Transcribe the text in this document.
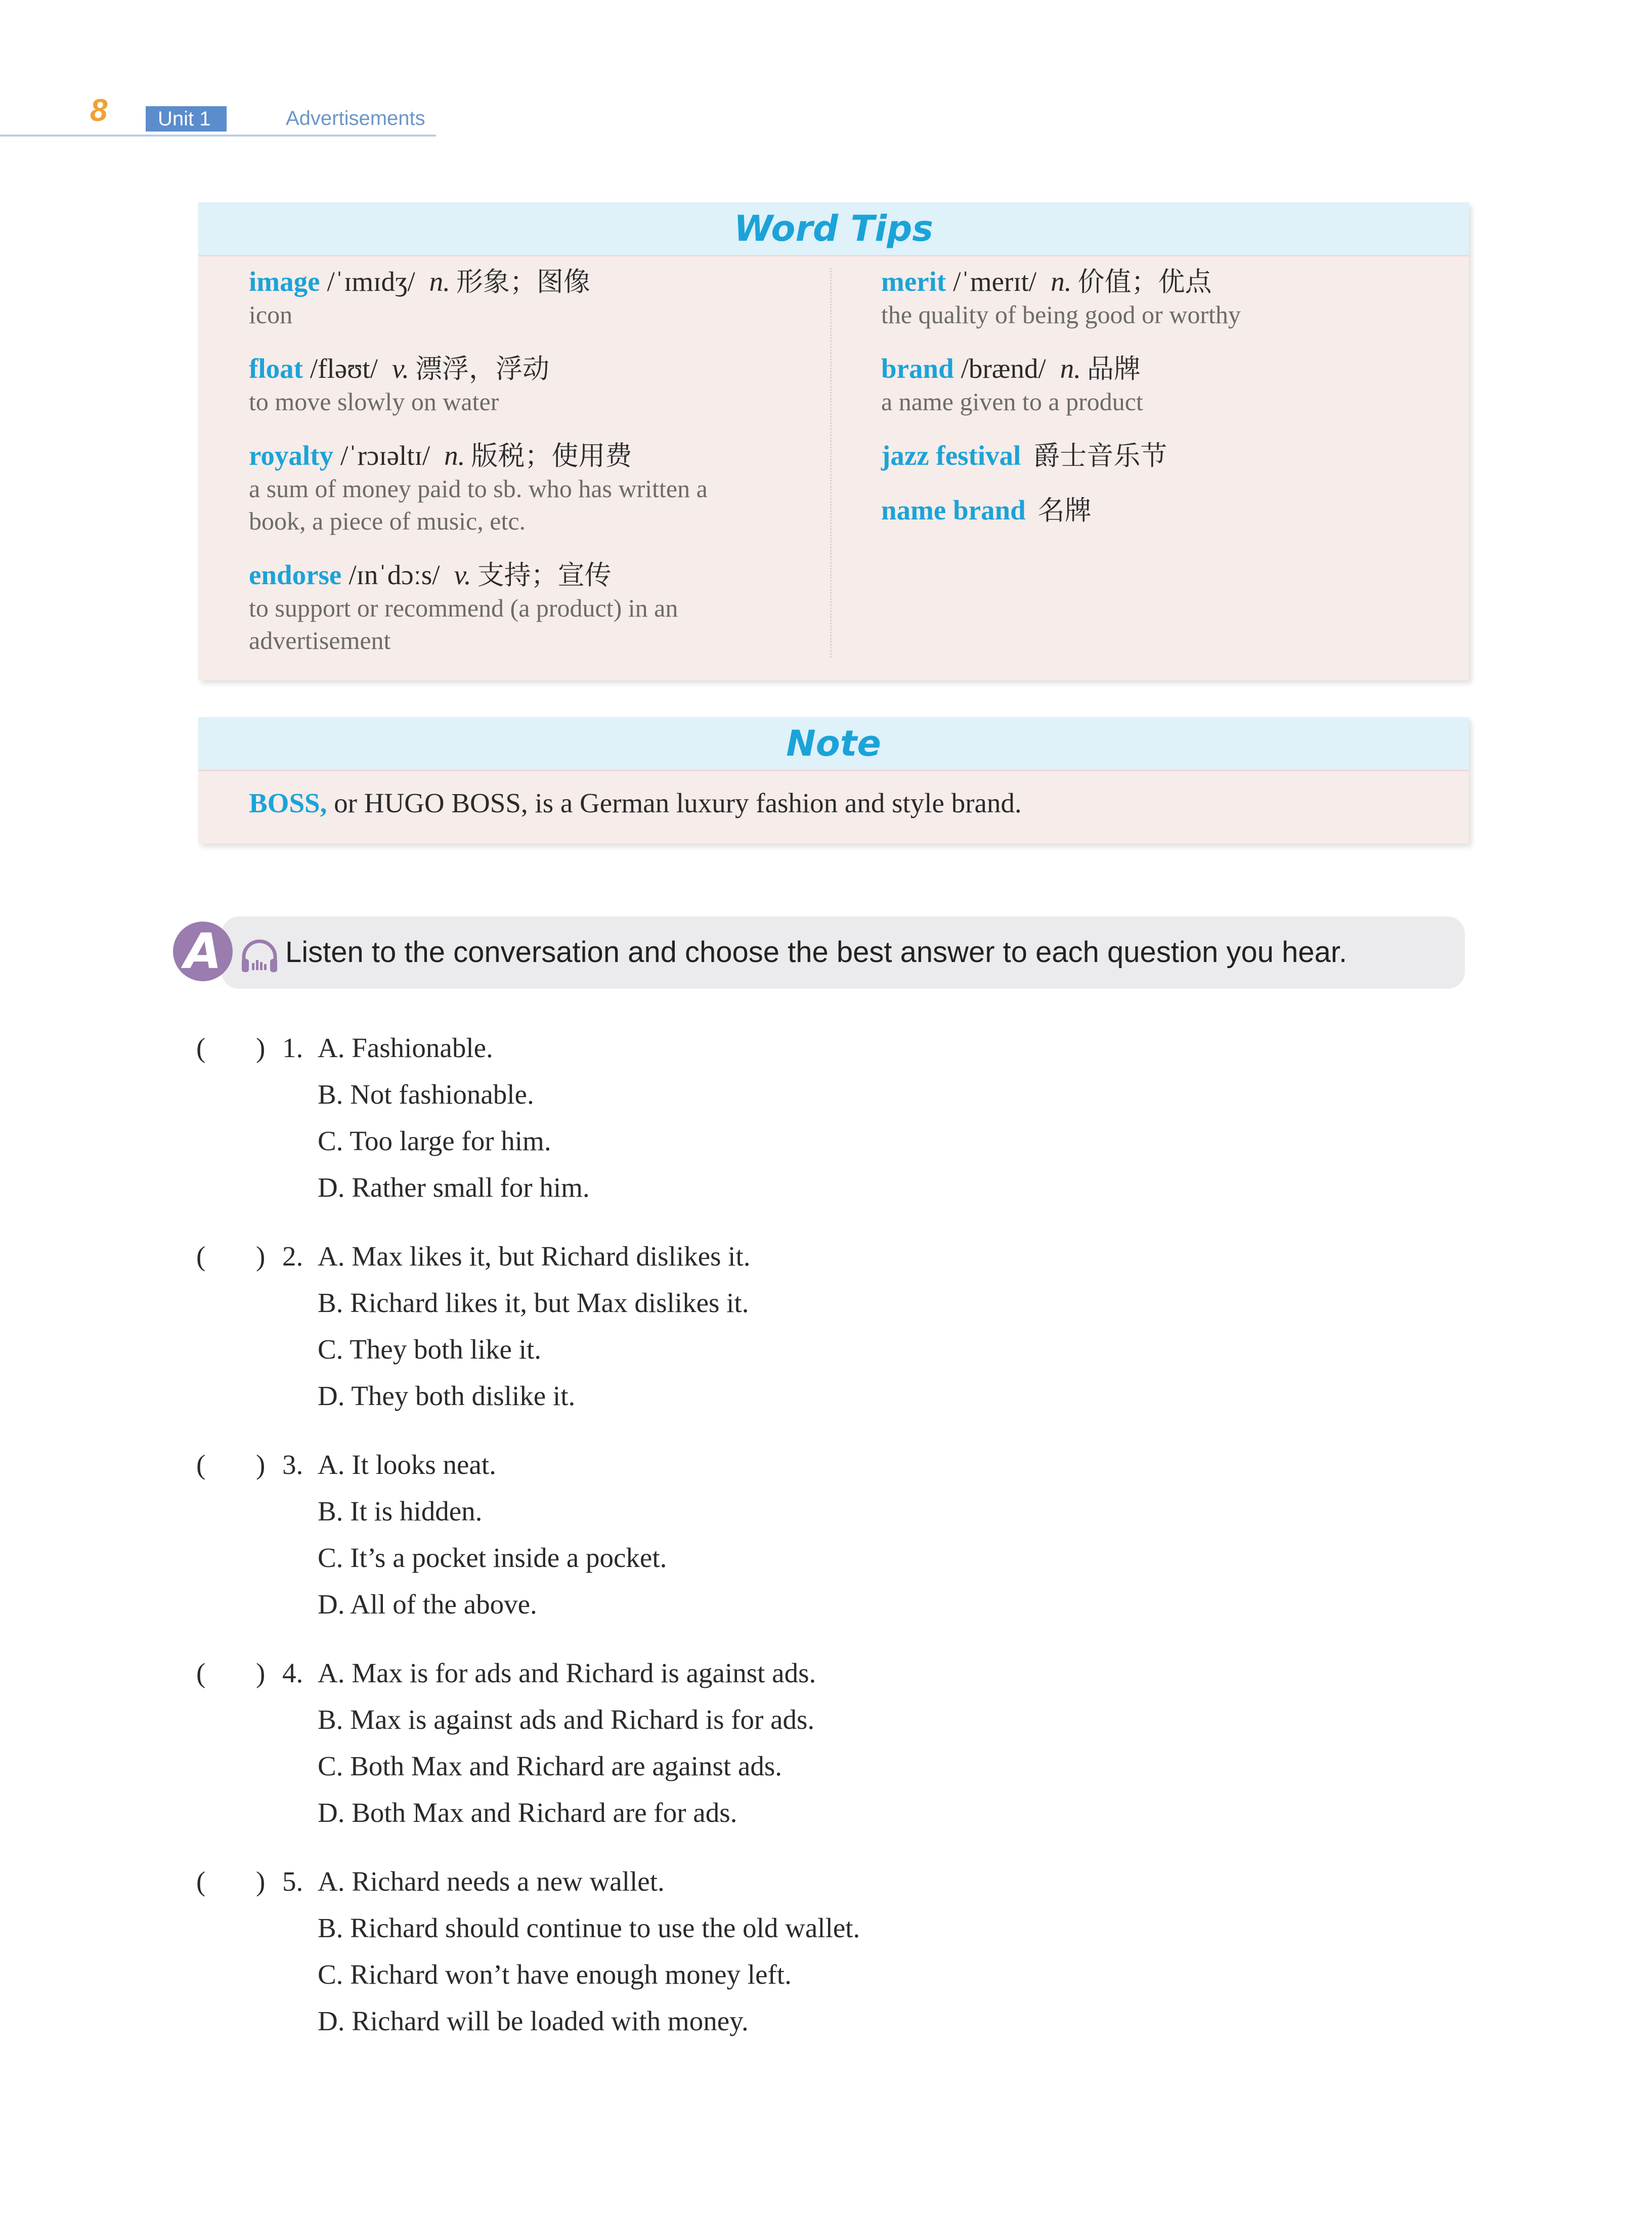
8	Unit 1	Advertisements
Word Tips
image /ˈɪmɪdʒ/ n. 形象；图像
icon
float /fləʊt/ v. 漂浮，浮动
to move slowly on water
royalty /ˈrɔɪəltɪ/ n. 版税；使用费
a sum of money paid to sb. who has written a
book, a piece of music, etc.
endorse /ɪnˈdɔːs/ v. 支持；宣传
to support or recommend (a product) in an
advertisement
merit /ˈmerɪt/ n. 价值；优点
the quality of being good or worthy
brand /brænd/ n. 品牌
a name given to a product
jazz festival 爵士音乐节
name brand 名牌
Note
BOSS, or HUGO BOSS, is a German luxury fashion and style brand.
A	Listen to the conversation and choose the best answer to each question you hear.
( ) 1. A. Fashionable.
B. Not fashionable.
C. Too large for him.
D. Rather small for him.
( ) 2. A. Max likes it, but Richard dislikes it.
B. Richard likes it, but Max dislikes it.
C. They both like it.
D. They both dislike it.
( ) 3. A. It looks neat.
B. It is hidden.
C. It’s a pocket inside a pocket.
D. All of the above.
( ) 4. A. Max is for ads and Richard is against ads.
B. Max is against ads and Richard is for ads.
C. Both Max and Richard are against ads.
D. Both Max and Richard are for ads.
( ) 5. A. Richard needs a new wallet.
B. Richard should continue to use the old wallet.
C. Richard won’t have enough money left.
D. Richard will be loaded with money.
